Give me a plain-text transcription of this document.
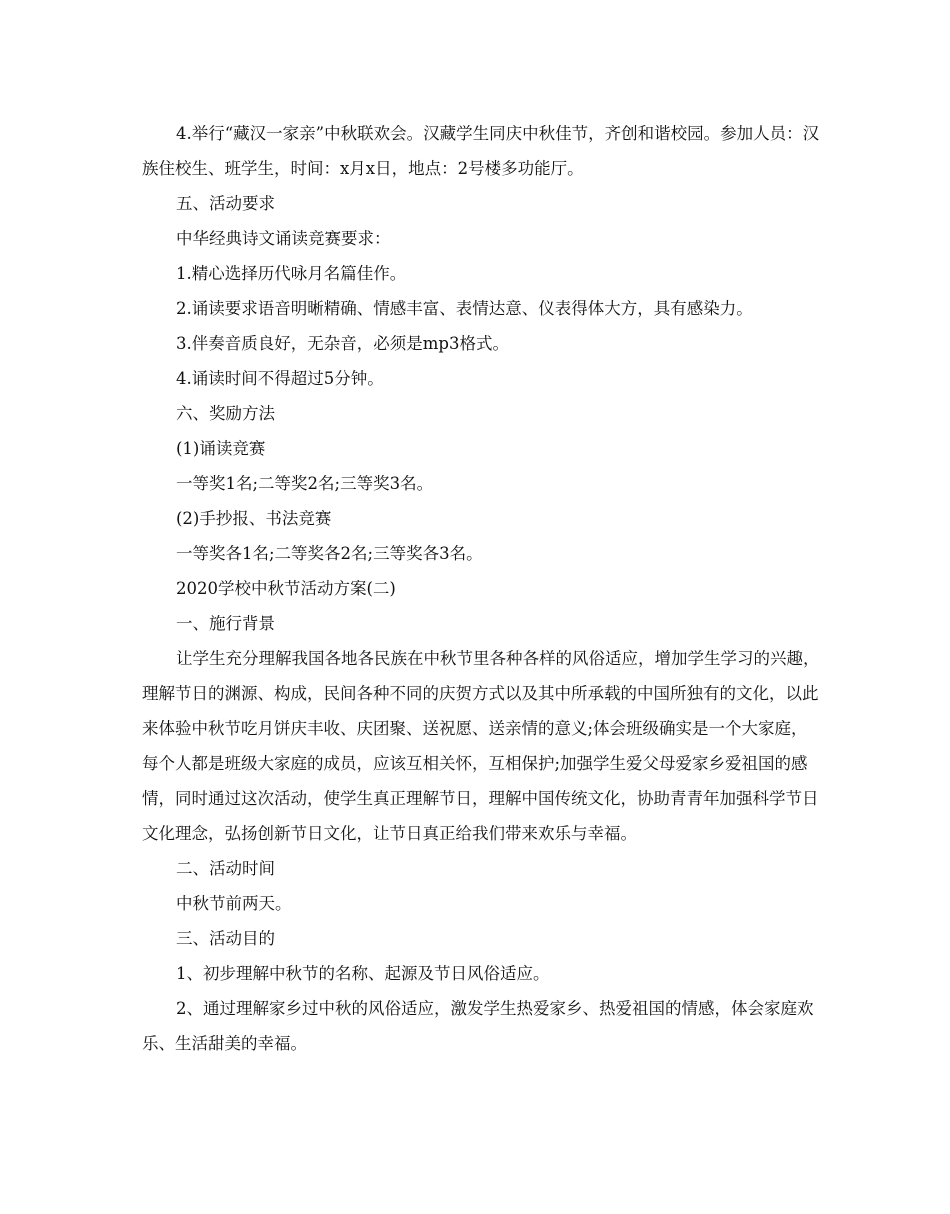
4.举行“藏汉一家亲”中秋联欢会。汉藏学生同庆中秋佳节，齐创和谐校园。参加人员：汉族住校生、班学生，时间：x月x日，地点：2号楼多功能厅。

五、活动要求

中华经典诗文诵读竞赛要求：

1.精心选择历代咏月名篇佳作。

2.诵读要求语音明晰精确、情感丰富、表情达意、仪表得体大方，具有感染力。

3.伴奏音质良好，无杂音，必须是mp3格式。

4.诵读时间不得超过5分钟。

六、奖励方法

(1)诵读竞赛

一等奖1名;二等奖2名;三等奖3名。

(2)手抄报、书法竞赛

一等奖各1名;二等奖各2名;三等奖各3名。

2020学校中秋节活动方案(二)

一、施行背景

让学生充分理解我国各地各民族在中秋节里各种各样的风俗适应，增加学生学习的兴趣，理解节日的渊源、构成，民间各种不同的庆贺方式以及其中所承载的中国所独有的文化，以此来体验中秋节吃月饼庆丰收、庆团聚、送祝愿、送亲情的意义;体会班级确实是一个大家庭，每个人都是班级大家庭的成员，应该互相关怀，互相保护;加强学生爱父母爱家乡爱祖国的感情，同时通过这次活动，使学生真正理解节日，理解中国传统文化，协助青青年加强科学节日文化理念，弘扬创新节日文化，让节日真正给我们带来欢乐与幸福。

二、活动时间

中秋节前两天。

三、活动目的

1、初步理解中秋节的名称、起源及节日风俗适应。

2、通过理解家乡过中秋的风俗适应，激发学生热爱家乡、热爱祖国的情感，体会家庭欢乐、生活甜美的幸福。
